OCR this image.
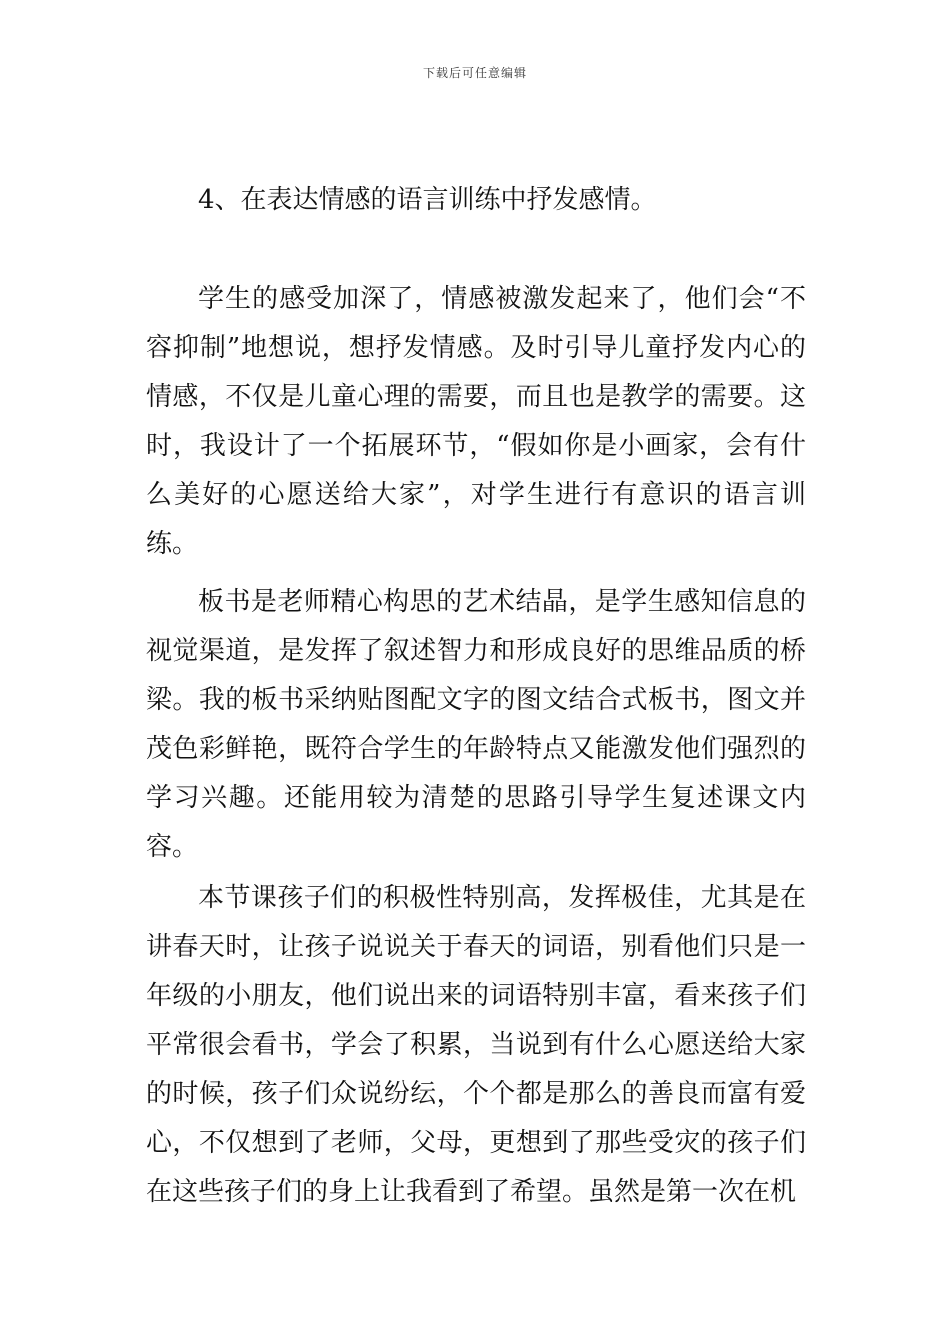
下载后可任意编辑

4、在表达情感的语言训练中抒发感情。

学生的感受加深了，情感被激发起来了，他们会“不容抑制”地想说，想抒发情感。及时引导儿童抒发内心的情感，不仅是儿童心理的需要，而且也是教学的需要。这时，我设计了一个拓展环节，“假如你是小画家，会有什么美好的心愿送给大家”，对学生进行有意识的语言训练。

板书是老师精心构思的艺术结晶，是学生感知信息的视觉渠道，是发挥了叙述智力和形成良好的思维品质的桥梁。我的板书采纳贴图配文字的图文结合式板书，图文并茂色彩鲜艳，既符合学生的年龄特点又能激发他们强烈的学习兴趣。还能用较为清楚的思路引导学生复述课文内容。

本节课孩子们的积极性特别高，发挥极佳，尤其是在讲春天时，让孩子说说关于春天的词语，别看他们只是一年级的小朋友，他们说出来的词语特别丰富，看来孩子们平常很会看书，学会了积累，当说到有什么心愿送给大家的时候，孩子们众说纷纭，个个都是那么的善良而富有爱心，不仅想到了老师，父母，更想到了那些受灾的孩子们在这些孩子们的身上让我看到了希望。虽然是第一次在机
